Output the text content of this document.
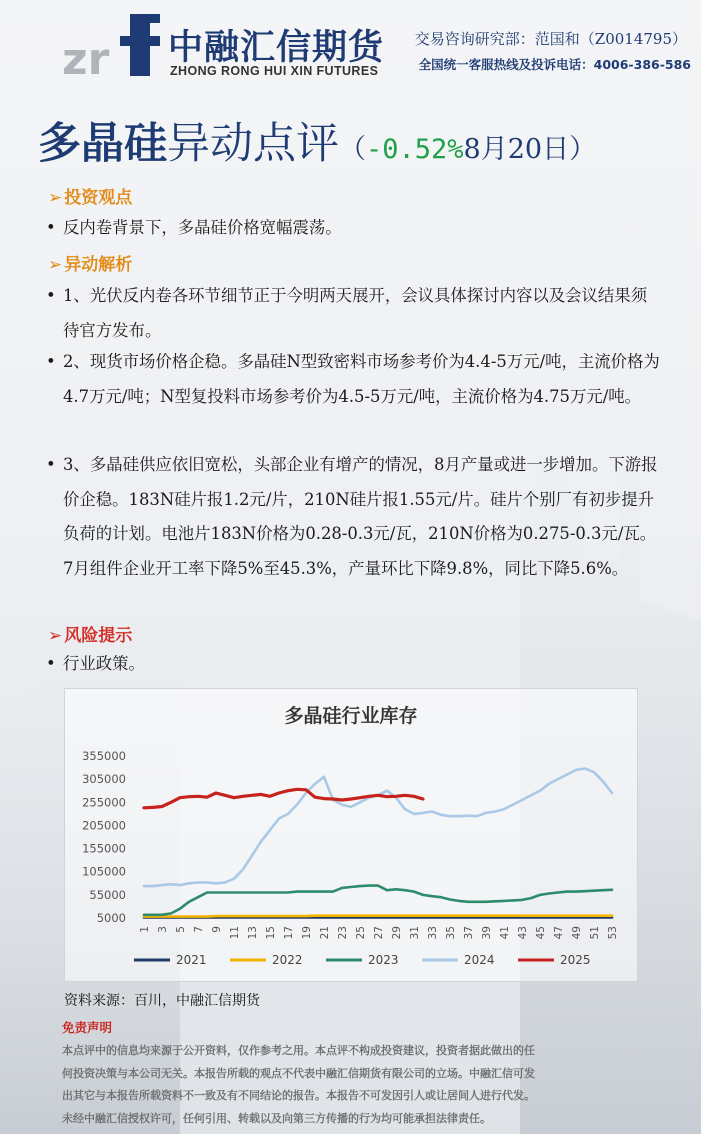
zr 中融汇信期货
ZHONG RONG HUI XIN FUTURES
交易咨询研究部：范国和（Z0014795）
全国统一客服热线及投诉电话：4006-386-586
多晶硅异动点评（-0.52%8月20日）
➢ 投资观点
• 反内卷背景下，多晶硅价格宽幅震荡。
➢ 异动解析
• 1、光伏反内卷各环节细节正于今明两天展开，会议具体探讨内容以及会议结果须待官方发布。
• 2、现货市场价格企稳。多晶硅N型致密料市场参考价为4.4-5万元/吨，主流价格为4.7万元/吨；N型复投料市场参考价为4.5-5万元/吨，主流价格为4.75万元/吨。
• 3、多晶硅供应依旧宽松，头部企业有增产的情况，8月产量或进一步增加。下游报价企稳。183N硅片报1.2元/片，210N硅片报1.55元/片。硅片个别厂有初步提升负荷的计划。电池片183N价格为0.28-0.3元/瓦，210N价格为0.275-0.3元/瓦。7月组件企业开工率下降5%至45.3%，产量环比下降9.8%，同比下降5.6%。
➢ 风险提示
• 行业政策。
多晶硅行业库存
355000
305000
255000
205000
155000
105000
55000
5000
1 3 5 7 9 11 13 15 17 19 21 23 25 27 29 31 33 35 37 39 41 43 45 47 49 51 53
2021	2022	2023	2024	2025
资料来源：百川，中融汇信期货
免责声明
本点评中的信息均来源于公开资料，仅作参考之用。本点评不构成投资建议，投资者据此做出的任
何投资决策与本公司无关。本报告所载的观点不代表中融汇信期货有限公司的立场。中融汇信可发
出其它与本报告所载资料不一致及有不同结论的报告。本报告不可发因引人或让居间人进行代发。
未经中融汇信授权许可，任何引用、转载以及向第三方传播的行为均可能承担法律责任。
